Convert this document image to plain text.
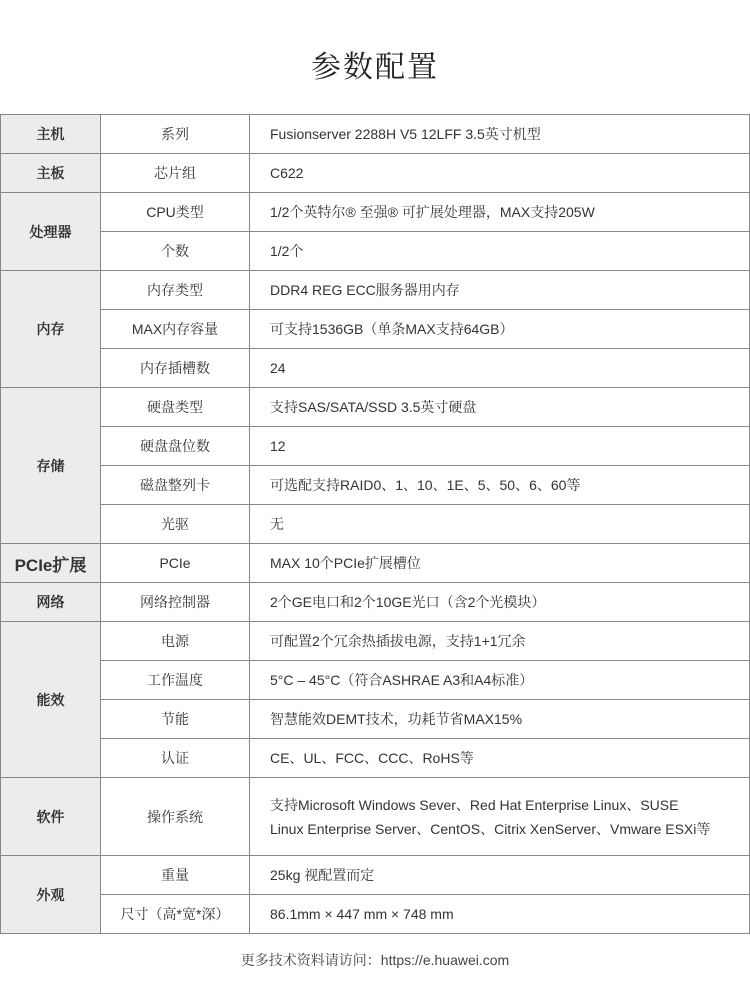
参数配置
主机	系列	Fusionserver 2288H V5 12LFF 3.5英寸机型
主板	芯片组	C622
处理器	CPU类型	1/2个英特尔® 至强® 可扩展处理器，MAX支持205W
	个数	1/2个
内存	内存类型	DDR4 REG ECC服务器用内存
	MAX内存容量	可支持1536GB（单条MAX支持64GB）
	内存插槽数	24
存储	硬盘类型	支持SAS/SATA/SSD 3.5英寸硬盘
	硬盘盘位数	12
	磁盘整列卡	可选配支持RAID0、1、10、1E、5、50、6、60等
	光驱	无
PCIe扩展	PCIe	MAX 10个PCIe扩展槽位
网络	网络控制器	2个GE电口和2个10GE光口（含2个光模块）
能效	电源	可配置2个冗余热插拔电源，支持1+1冗余
	工作温度	5°C – 45°C（符合ASHRAE A3和A4标准）
	节能	智慧能效DEMT技术，功耗节省MAX15%
	认证	CE、UL、FCC、CCC、RoHS等
软件	操作系统	支持Microsoft Windows Sever、Red Hat Enterprise Linux、SUSE
Linux Enterprise Server、CentOS、Citrix XenServer、Vmware ESXi等

外观	重量	25kg 视配置而定
	尺寸（高*宽*深）	86.1mm × 447 mm × 748 mm
更多技术资料请访问：https://e.huawei.com
